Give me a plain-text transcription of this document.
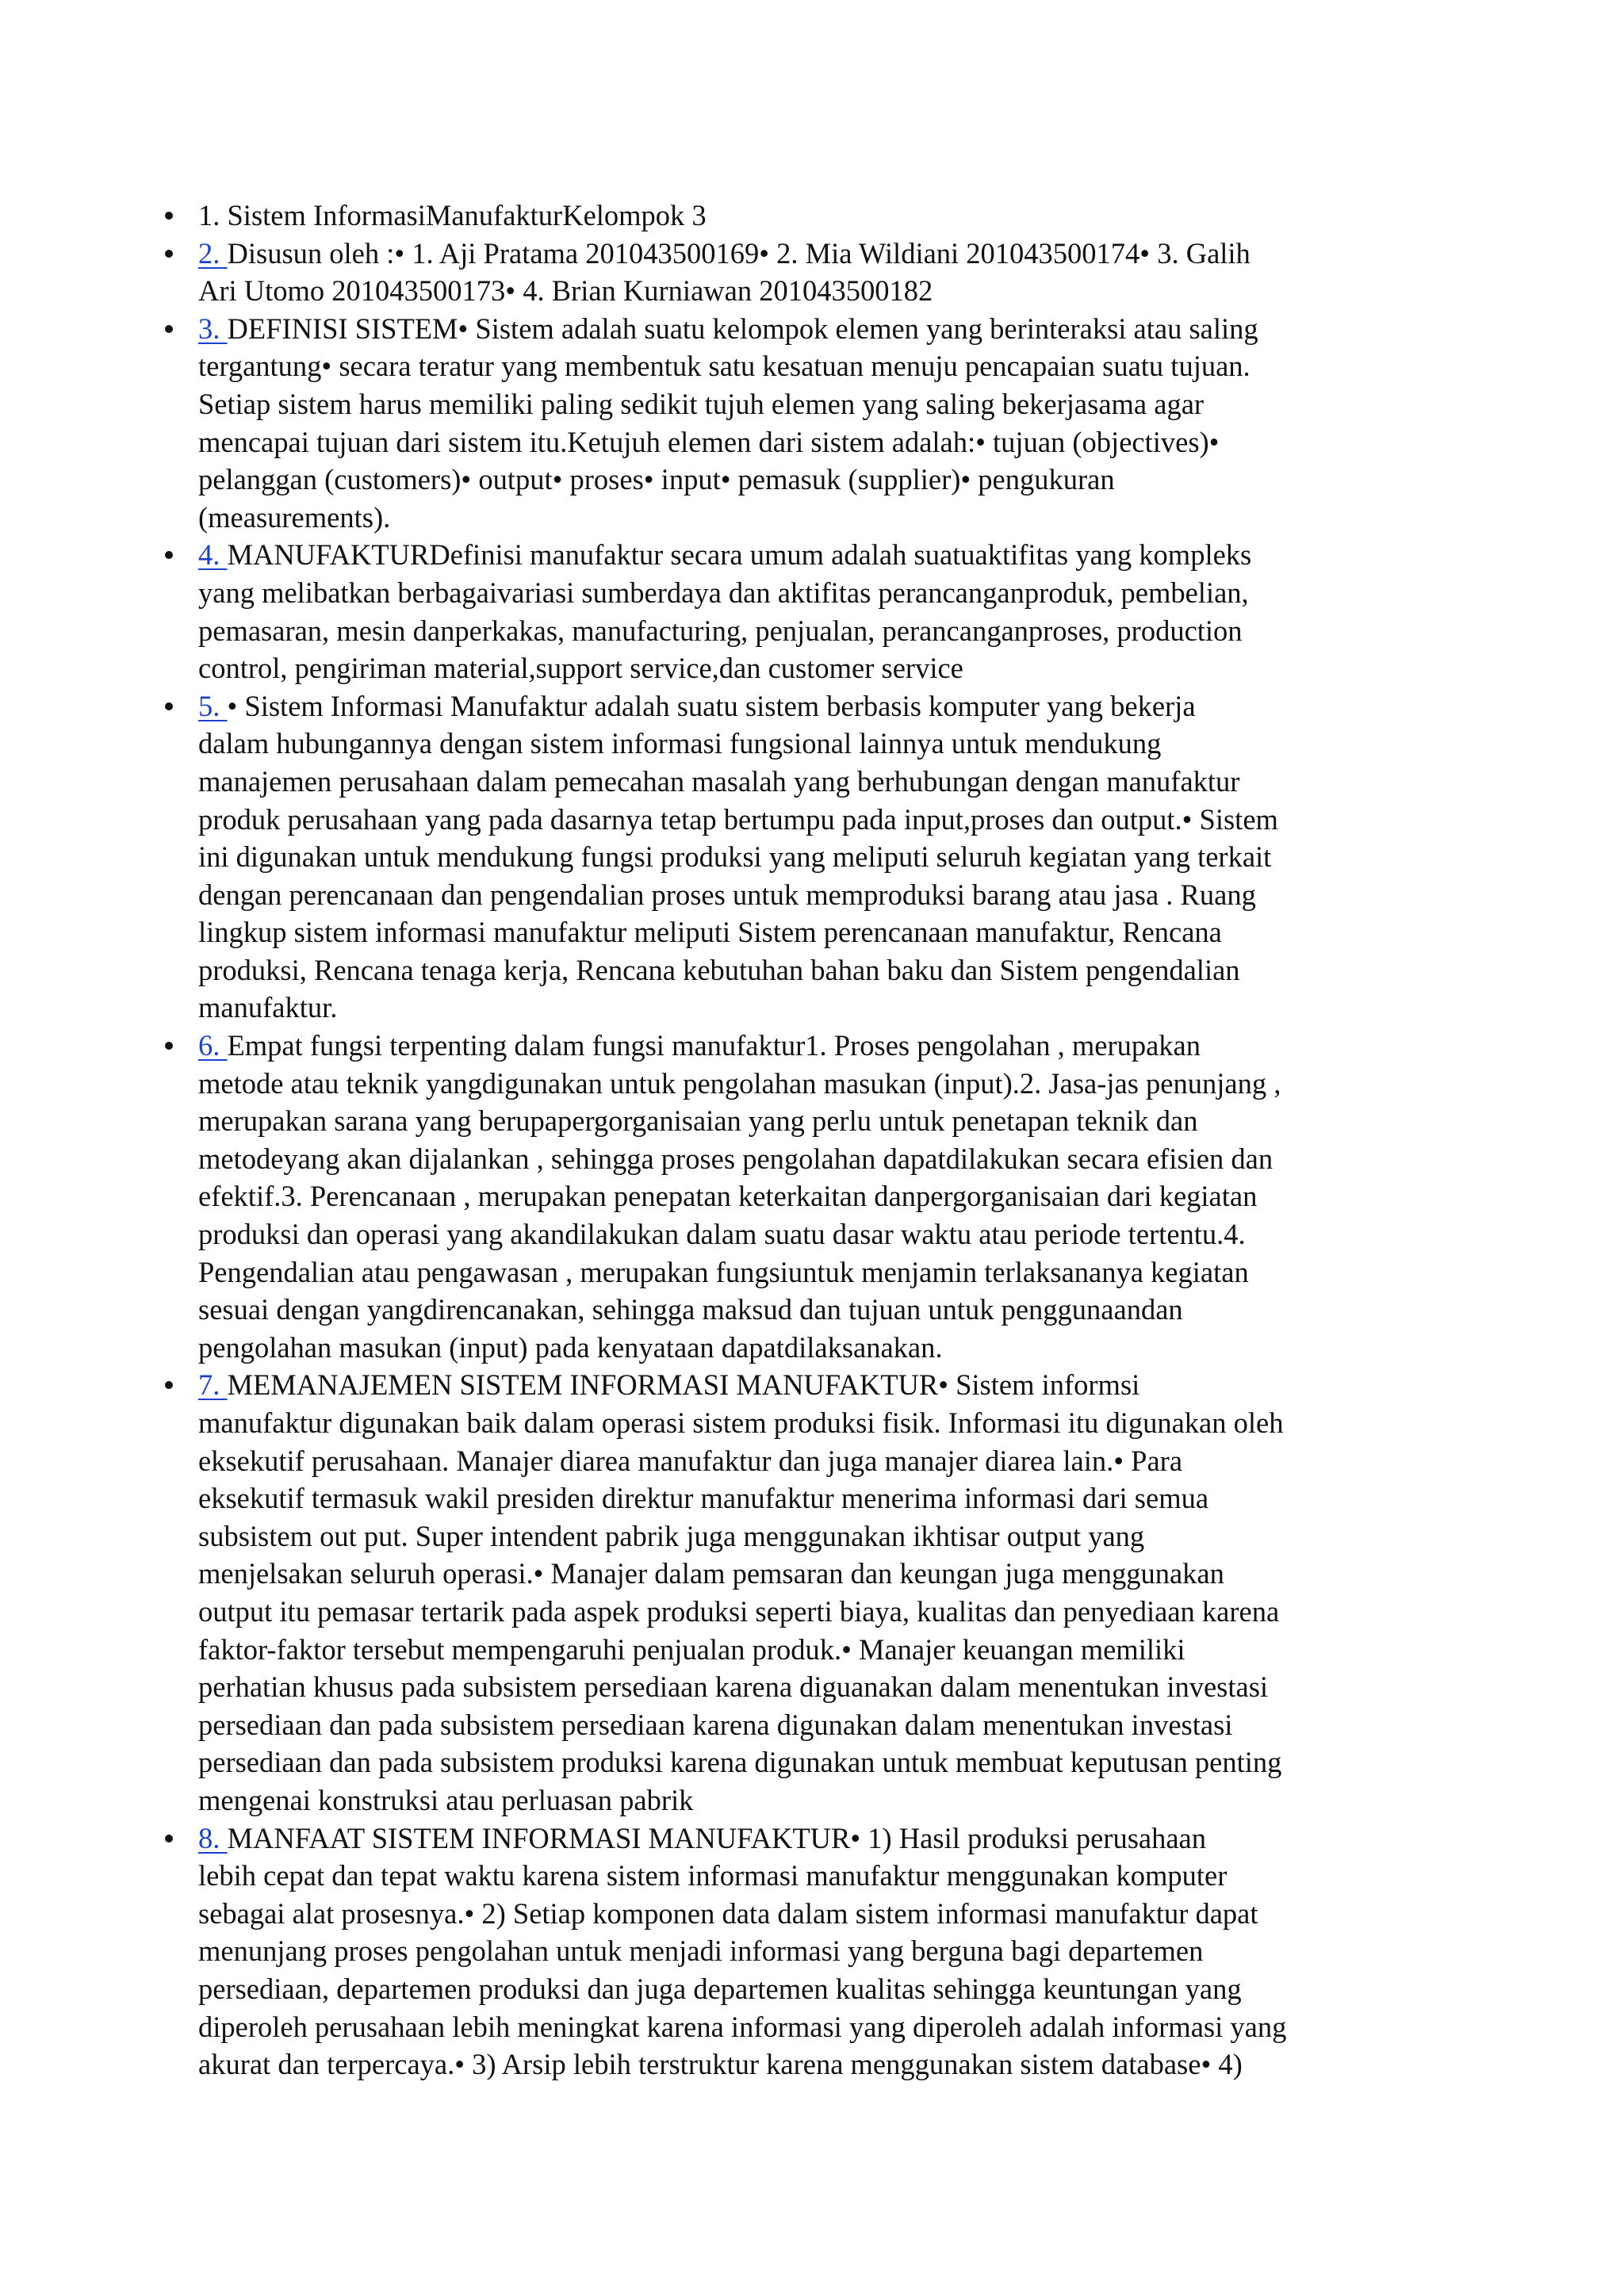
1. Sistem InformasiManufakturKelompok 3
2. Disusun oleh :• 1. Aji Pratama 201043500169• 2. Mia Wildiani 201043500174• 3. Galih
Ari Utomo 201043500173• 4. Brian Kurniawan 201043500182
3. DEFINISI SISTEM• Sistem adalah suatu kelompok elemen yang berinteraksi atau saling
tergantung• secara teratur yang membentuk satu kesatuan menuju pencapaian suatu tujuan.
Setiap sistem harus memiliki paling sedikit tujuh elemen yang saling bekerjasama agar
mencapai tujuan dari sistem itu.Ketujuh elemen dari sistem adalah:• tujuan (objectives)•
pelanggan (customers)• output• proses• input• pemasuk (supplier)• pengukuran
(measurements).
4. MANUFAKTURDefinisi manufaktur secara umum adalah suatuaktifitas yang kompleks
yang melibatkan berbagaivariasi sumberdaya dan aktifitas perancanganproduk, pembelian,
pemasaran, mesin danperkakas, manufacturing, penjualan, perancanganproses, production
control, pengiriman material,support service,dan customer service
5. • Sistem Informasi Manufaktur adalah suatu sistem berbasis komputer yang bekerja
dalam hubungannya dengan sistem informasi fungsional lainnya untuk mendukung
manajemen perusahaan dalam pemecahan masalah yang berhubungan dengan manufaktur
produk perusahaan yang pada dasarnya tetap bertumpu pada input,proses dan output.• Sistem
ini digunakan untuk mendukung fungsi produksi yang meliputi seluruh kegiatan yang terkait
dengan perencanaan dan pengendalian proses untuk memproduksi barang atau jasa . Ruang
lingkup sistem informasi manufaktur meliputi Sistem perencanaan manufaktur, Rencana
produksi, Rencana tenaga kerja, Rencana kebutuhan bahan baku dan Sistem pengendalian
manufaktur.
6. Empat fungsi terpenting dalam fungsi manufaktur1. Proses pengolahan , merupakan
metode atau teknik yangdigunakan untuk pengolahan masukan (input).2. Jasa-jas penunjang ,
merupakan sarana yang berupapergorganisaian yang perlu untuk penetapan teknik dan
metodeyang akan dijalankan , sehingga proses pengolahan dapatdilakukan secara efisien dan
efektif.3. Perencanaan , merupakan penepatan keterkaitan danpergorganisaian dari kegiatan
produksi dan operasi yang akandilakukan dalam suatu dasar waktu atau periode tertentu.4.
Pengendalian atau pengawasan , merupakan fungsiuntuk menjamin terlaksananya kegiatan
sesuai dengan yangdirencanakan, sehingga maksud dan tujuan untuk penggunaandan
pengolahan masukan (input) pada kenyataan dapatdilaksanakan.
7. MEMANAJEMEN SISTEM INFORMASI MANUFAKTUR• Sistem informsi
manufaktur digunakan baik dalam operasi sistem produksi fisik. Informasi itu digunakan oleh
eksekutif perusahaan. Manajer diarea manufaktur dan juga manajer diarea lain.• Para
eksekutif termasuk wakil presiden direktur manufaktur menerima informasi dari semua
subsistem out put. Super intendent pabrik juga menggunakan ikhtisar output yang
menjelsakan seluruh operasi.• Manajer dalam pemsaran dan keungan juga menggunakan
output itu pemasar tertarik pada aspek produksi seperti biaya, kualitas dan penyediaan karena
faktor-faktor tersebut mempengaruhi penjualan produk.• Manajer keuangan memiliki
perhatian khusus pada subsistem persediaan karena diguanakan dalam menentukan investasi
persediaan dan pada subsistem persediaan karena digunakan dalam menentukan investasi
persediaan dan pada subsistem produksi karena digunakan untuk membuat keputusan penting
mengenai konstruksi atau perluasan pabrik
8. MANFAAT SISTEM INFORMASI MANUFAKTUR• 1) Hasil produksi perusahaan
lebih cepat dan tepat waktu karena sistem informasi manufaktur menggunakan komputer
sebagai alat prosesnya.• 2) Setiap komponen data dalam sistem informasi manufaktur dapat
menunjang proses pengolahan untuk menjadi informasi yang berguna bagi departemen
persediaan, departemen produksi dan juga departemen kualitas sehingga keuntungan yang
diperoleh perusahaan lebih meningkat karena informasi yang diperoleh adalah informasi yang
akurat dan terpercaya.• 3) Arsip lebih terstruktur karena menggunakan sistem database• 4)
